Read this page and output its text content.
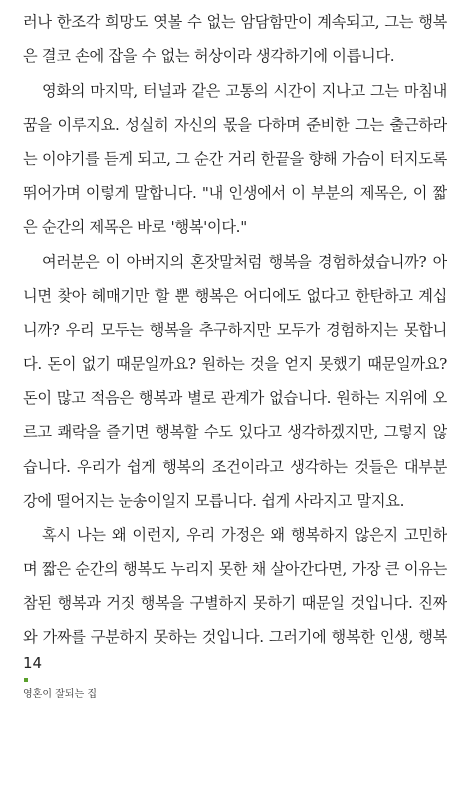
러나 한조각 희망도 엿볼 수 없는 암담함만이 계속되고, 그는 행복
은 결코 손에 잡을 수 없는 허상이라 생각하기에 이릅니다.
영화의 마지막, 터널과 같은 고통의 시간이 지나고 그는 마침내
꿈을 이루지요. 성실히 자신의 몫을 다하며 준비한 그는 출근하라
는 이야기를 듣게 되고, 그 순간 거리 한끝을 향해 가슴이 터지도록
뛰어가며 이렇게 말합니다. "내 인생에서 이 부분의 제목은, 이 짧
은 순간의 제목은 바로 '행복'이다."
여러분은 이 아버지의 혼잣말처럼 행복을 경험하셨습니까? 아
니면 찾아 헤매기만 할 뿐 행복은 어디에도 없다고 한탄하고 계십
니까? 우리 모두는 행복을 추구하지만 모두가 경험하지는 못합니
다. 돈이 없기 때문일까요? 원하는 것을 얻지 못했기 때문일까요?
돈이 많고 적음은 행복과 별로 관계가 없습니다. 원하는 지위에 오
르고 쾌락을 즐기면 행복할 수도 있다고 생각하겠지만, 그렇지 않
습니다. 우리가 쉽게 행복의 조건이라고 생각하는 것들은 대부분
강에 떨어지는 눈송이일지 모릅니다. 쉽게 사라지고 말지요.
혹시 나는 왜 이런지, 우리 가정은 왜 행복하지 않은지 고민하
며 짧은 순간의 행복도 누리지 못한 채 살아간다면, 가장 큰 이유는
참된 행복과 거짓 행복을 구별하지 못하기 때문일 것입니다. 진짜
와 가짜를 구분하지 못하는 것입니다. 그러기에 행복한 인생, 행복
14
영혼이 잘되는 집
